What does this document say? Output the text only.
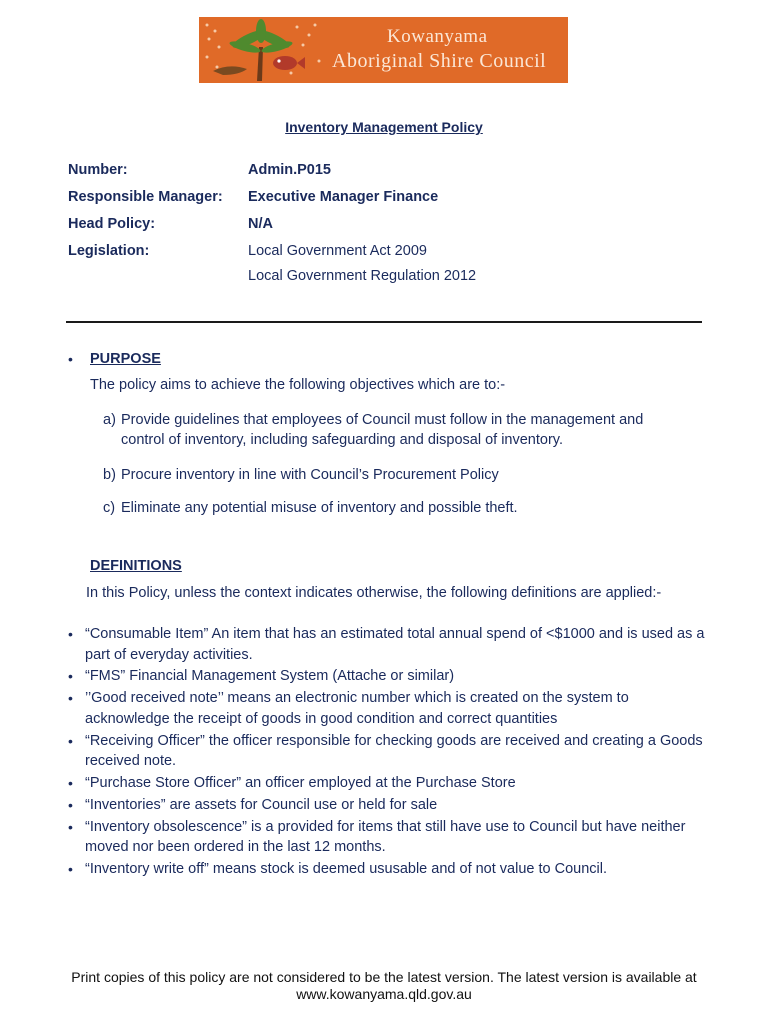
Kowanyama
Aboriginal Shire Council
Inventory Management Policy
Number:	Admin.P015
Responsible Manager: Executive Manager Finance
Head Policy:	N/A
Legislation:	Local Government Act 2009
Local Government Regulation 2012
• PURPOSE
The policy aims to achieve the following objectives which are to:-
a) Provide guidelines that employees of Council must follow in the management and
control of inventory, including safeguarding and disposal of inventory.
b) Procure inventory in line with Council’s Procurement Policy
c) Eliminate any potential misuse of inventory and possible theft.
DEFINITIONS
In this Policy, unless the context indicates otherwise, the following definitions are applied:-
• “Consumable Item” An item that has an estimated total annual spend of <$1000 and is used as a part of everyday activities.
• “FMS” Financial Management System (Attache or similar)
• ’’Good received note’’ means an electronic number which is created on the system to acknowledge the receipt of goods in good condition and correct quantities
• “Receiving Officer” the officer responsible for checking goods are received and creating a Goods received note.
• “Purchase Store Officer” an officer employed at the Purchase Store
• “Inventories” are assets for Council use or held for sale
• “Inventory obsolescence” is a provided for items that still have use to Council but have neither moved nor been ordered in the last 12 months.
• “Inventory write off” means stock is deemed ususable and of not value to Council.
Print copies of this policy are not considered to be the latest version. The latest version is available at
www.kowanyama.qld.gov.au
